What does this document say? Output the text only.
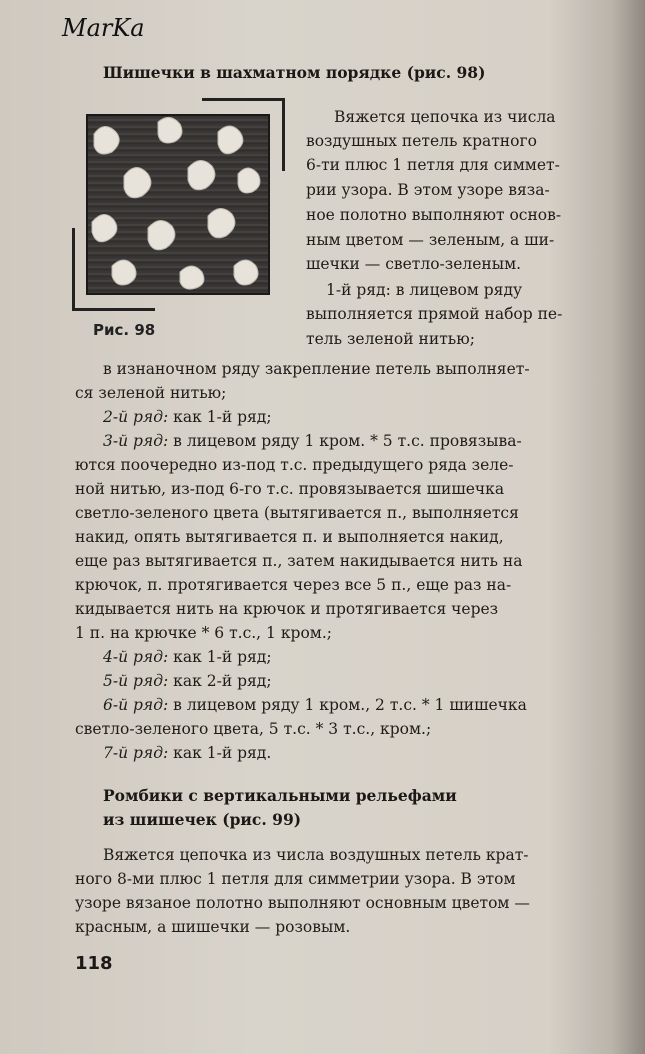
MarKa
Шишечки в шахматном порядке (рис. 98)
Рис. 98
Вяжется цепочка из числа
воздушных петель кратного
6-ти плюс 1 петля для симмет-
рии узора. В этом узоре вяза-
ное полотно выполняют основ-
ным цветом — зеленым, а ши-
шечки — светло-зеленым.
1-й ряд: в лицевом ряду
выполняется прямой набор пе-
тель зеленой нитью;
в изнаночном ряду закрепление петель выполняет-
ся зеленой нитью;
2-й ряд: как 1-й ряд;
3-й ряд: в лицевом ряду 1 кром. * 5 т.с. провязыва-
ются поочередно из-под т.с. предыдущего ряда зеле-
ной нитью, из-под 6-го т.с. провязывается шишечка
светло-зеленого цвета (вытягивается п., выполняется
накид, опять вытягивается п. и выполняется накид,
еще раз вытягивается п., затем накидывается нить на
крючок, п. протягивается через все 5 п., еще раз на-
кидывается нить на крючок и протягивается через
1 п. на крючке * 6 т.с., 1 кром.;
4-й ряд: как 1-й ряд;
5-й ряд: как 2-й ряд;
6-й ряд: в лицевом ряду 1 кром., 2 т.с. * 1 шишечка
светло-зеленого цвета, 5 т.с. * 3 т.с., кром.;
7-й ряд: как 1-й ряд.
Ромбики с вертикальными рельефами
из шишечек (рис. 99)
Вяжется цепочка из числа воздушных петель крат-
ного 8-ми плюс 1 петля для симметрии узора. В этом
узоре вязаное полотно выполняют основным цветом —
красным, а шишечки — розовым.
118
